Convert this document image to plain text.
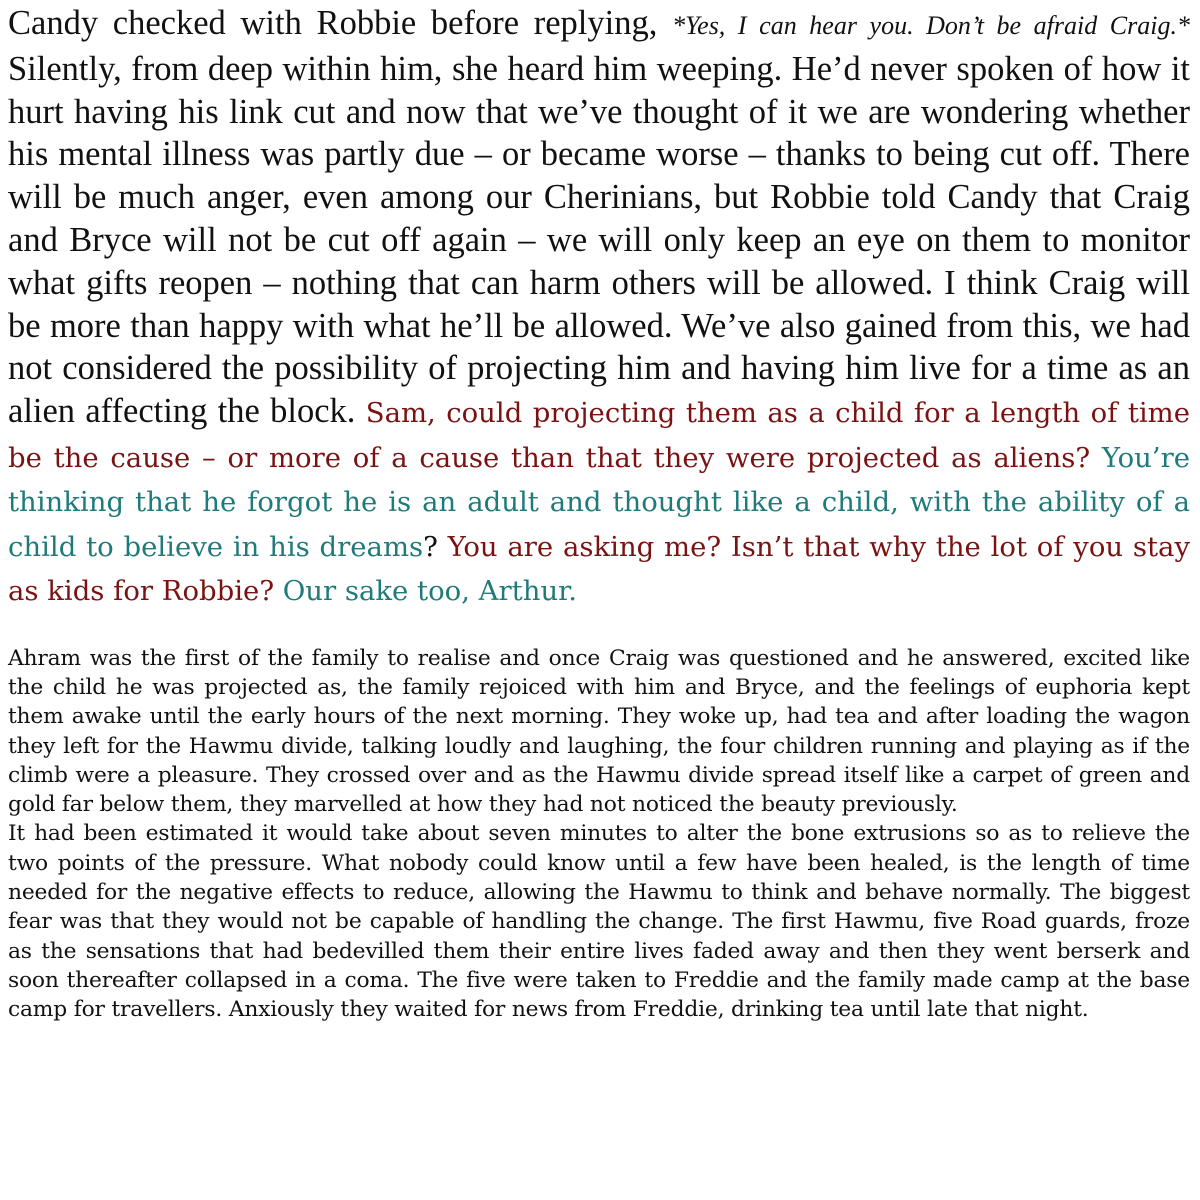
Candy checked with Robbie before replying, *Yes, I can hear you. Don’t be afraid Craig.* Silently, from deep within him, she heard him weeping. He’d never spoken of how it hurt having his link cut and now that we’ve thought of it we are wondering whether his mental illness was partly due – or became worse – thanks to being cut off. There will be much anger, even among our Cherinians, but Robbie told Candy that Craig and Bryce will not be cut off again – we will only keep an eye on them to monitor what gifts reopen – nothing that can harm others will be allowed. I think Craig will be more than happy with what he’ll be allowed. We’ve also gained from this, we had not considered the possibility of projecting him and having him live for a time as an alien affecting the block. Sam, could projecting them as a child for a length of time be the cause – or more of a cause than that they were projected as aliens? You’re thinking that he forgot he is an adult and thought like a child, with the ability of a child to believe in his dreams? You are asking me? Isn’t that why the lot of you stay as kids for Robbie? Our sake too, Arthur.

Ahram was the first of the family to realise and once Craig was questioned and he answered, excited like the child he was projected as, the family rejoiced with him and Bryce, and the feelings of euphoria kept them awake until the early hours of the next morning. They woke up, had tea and after loading the wagon they left for the Hawmu divide, talking loudly and laughing, the four children running and playing as if the climb were a pleasure. They crossed over and as the Hawmu divide spread itself like a carpet of green and gold far below them, they marvelled at how they had not noticed the beauty previously.

It had been estimated it would take about seven minutes to alter the bone extrusions so as to relieve the two points of the pressure. What nobody could know until a few have been healed, is the length of time needed for the negative effects to reduce, allowing the Hawmu to think and behave normally. The biggest fear was that they would not be capable of handling the change. The first Hawmu, five Road guards, froze as the sensations that had bedevilled them their entire lives faded away and then they went berserk and soon thereafter collapsed in a coma. The five were taken to Freddie and the family made camp at the base camp for travellers. Anxiously they waited for news from Freddie, drinking tea until late that night.
